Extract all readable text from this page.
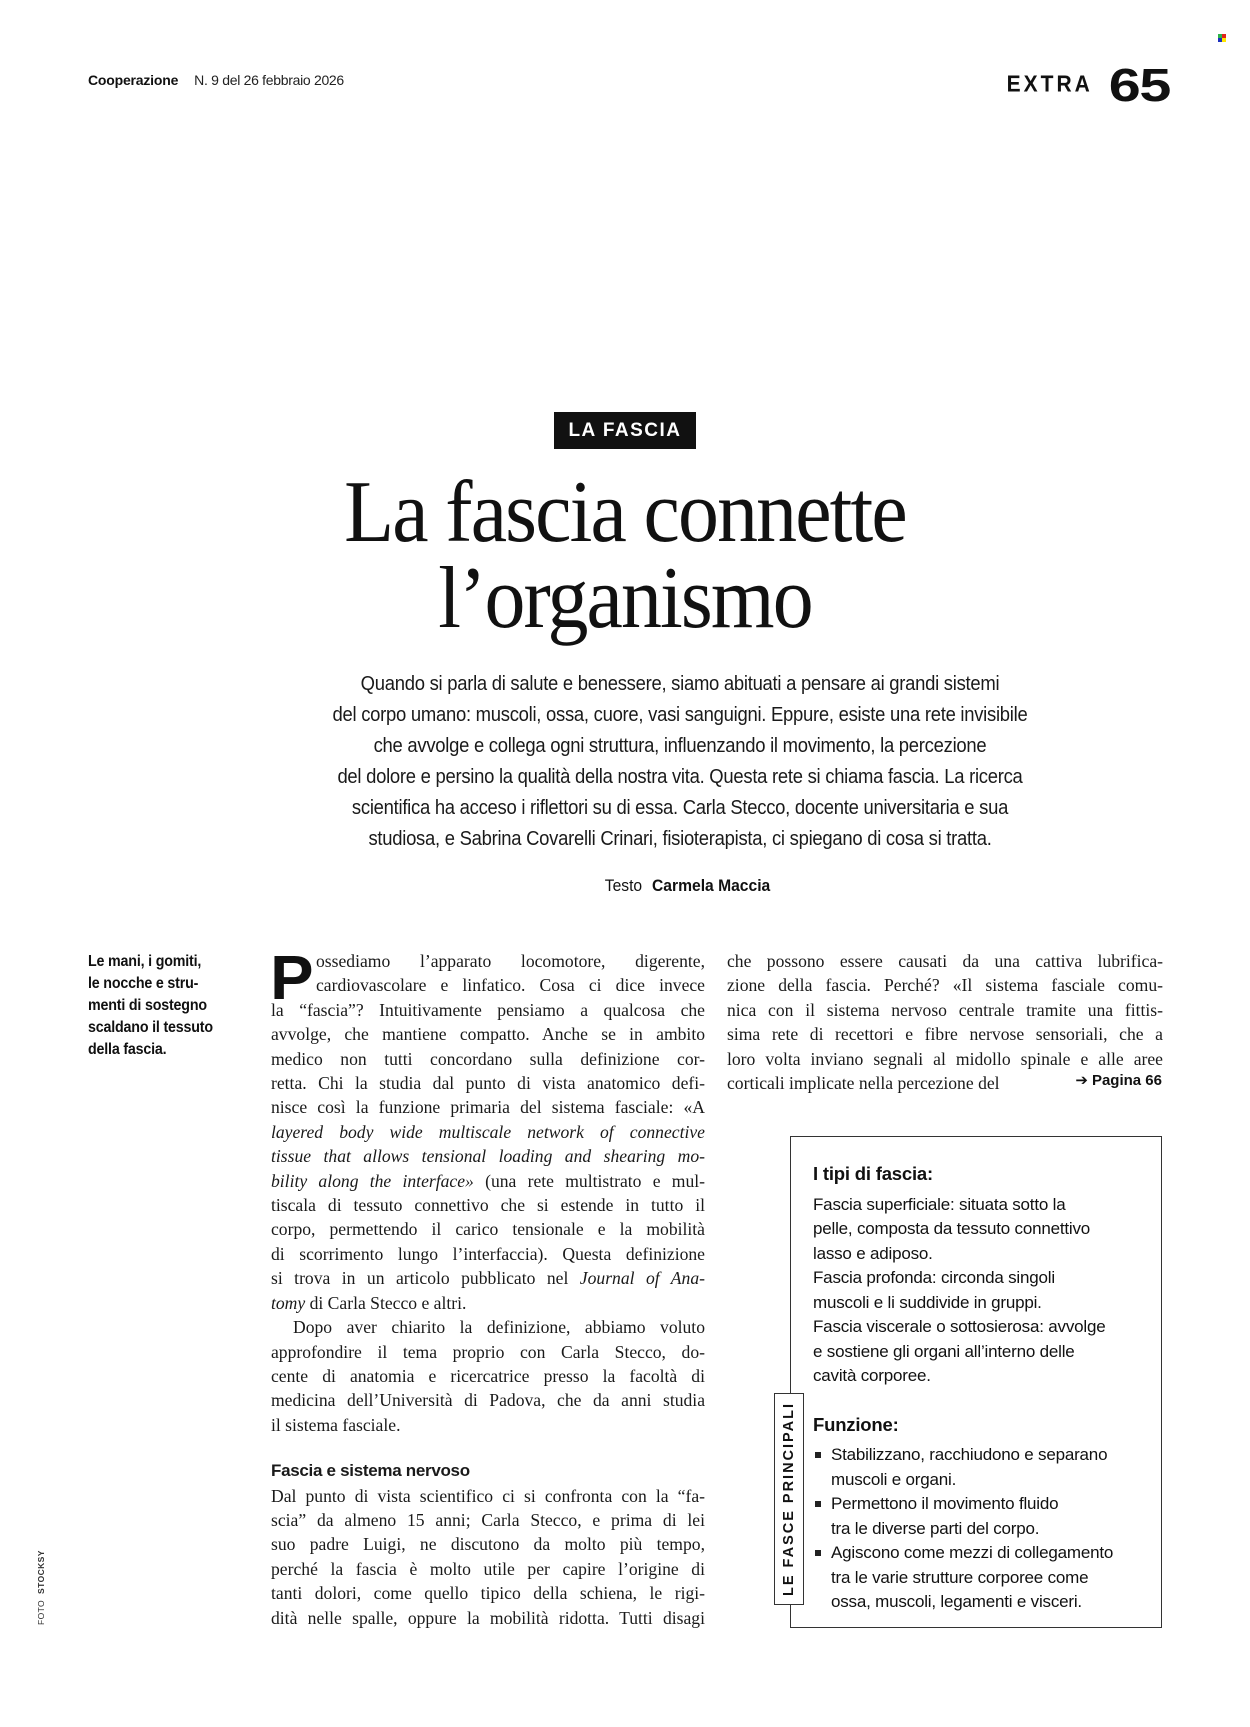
Cooperazione N. 9 del 26 febbraio 2026	EXTRA 65
LA FASCIA
La fascia connette
l’organismo
Quando si parla di salute e benessere, siamo abituati a pensare ai grandi sistemi
del corpo umano: muscoli, ossa, cuore, vasi sanguigni. Eppure, esiste una rete invisibile
che avvolge e collega ogni struttura, influenzando il movimento, la percezione
del dolore e persino la qualità della nostra vita. Questa rete si chiama fascia. La ricerca
scientifica ha acceso i riflettori su di essa. Carla Stecco, docente universitaria e sua
studiosa, e Sabrina Covarelli Crinari, fisioterapista, ci spiegano di cosa si tratta.
Testo Carmela Maccia
Le mani, i gomiti,
le nocche e stru-
menti di sostegno
scaldano il tessuto
della fascia.
P ossediamo l’apparato locomotore, digerente,
cardiovascolare e linfatico. Cosa ci dice invece
la “fascia”? Intuitivamente pensiamo a qualcosa che
avvolge, che mantiene compatto. Anche se in ambito
medico non tutti concordano sulla definizione cor-
retta. Chi la studia dal punto di vista anatomico defi-
nisce così la funzione primaria del sistema fasciale: «A
layered body wide multiscale network of connective
tissue that allows tensional loading and shearing mo-
bility along the interface» (una rete multistrato e mul-
tiscala di tessuto connettivo che si estende in tutto il
corpo, permettendo il carico tensionale e la mobilità
di scorrimento lungo l’interfaccia). Questa definizione
si trova in un articolo pubblicato nel Journal of Ana-
tomy di Carla Stecco e altri.
Dopo aver chiarito la definizione, abbiamo voluto
approfondire il tema proprio con Carla Stecco, do-
cente di anatomia e ricercatrice presso la facoltà di
medicina dell’Università di Padova, che da anni studia
il sistema fasciale.
Fascia e sistema nervoso
Dal punto di vista scientifico ci si confronta con la “fa-
scia” da almeno 15 anni; Carla Stecco, e prima di lei
suo padre Luigi, ne discutono da molto più tempo,
perché la fascia è molto utile per capire l’origine di
tanti dolori, come quello tipico della schiena, le rigi-
dità nelle spalle, oppure la mobilità ridotta. Tutti disagi
che possono essere causati da una cattiva lubrifica-
zione della fascia. Perché? «Il sistema fasciale comu-
nica con il sistema nervoso centrale tramite una fittis-
sima rete di recettori e fibre nervose sensoriali, che a
loro volta inviano segnali al midollo spinale e alle aree
corticali implicate nella percezione del	➔ Pagina 66
LE FASCE PRINCIPALI
I tipi di fascia:
Fascia superficiale: situata sotto la
pelle, composta da tessuto connettivo
lasso e adiposo.
Fascia profonda: circonda singoli
muscoli e li suddivide in gruppi.
Fascia viscerale o sottosierosa: avvolge
e sostiene gli organi all’interno delle
cavità corporee.
Funzione:
Stabilizzano, racchiudono e separano
muscoli e organi.
Permettono il movimento fluido
tra le diverse parti del corpo.
Agiscono come mezzi di collegamento
tra le varie strutture corporee come
ossa, muscoli, legamenti e visceri.
FOTOSTOCKSY
